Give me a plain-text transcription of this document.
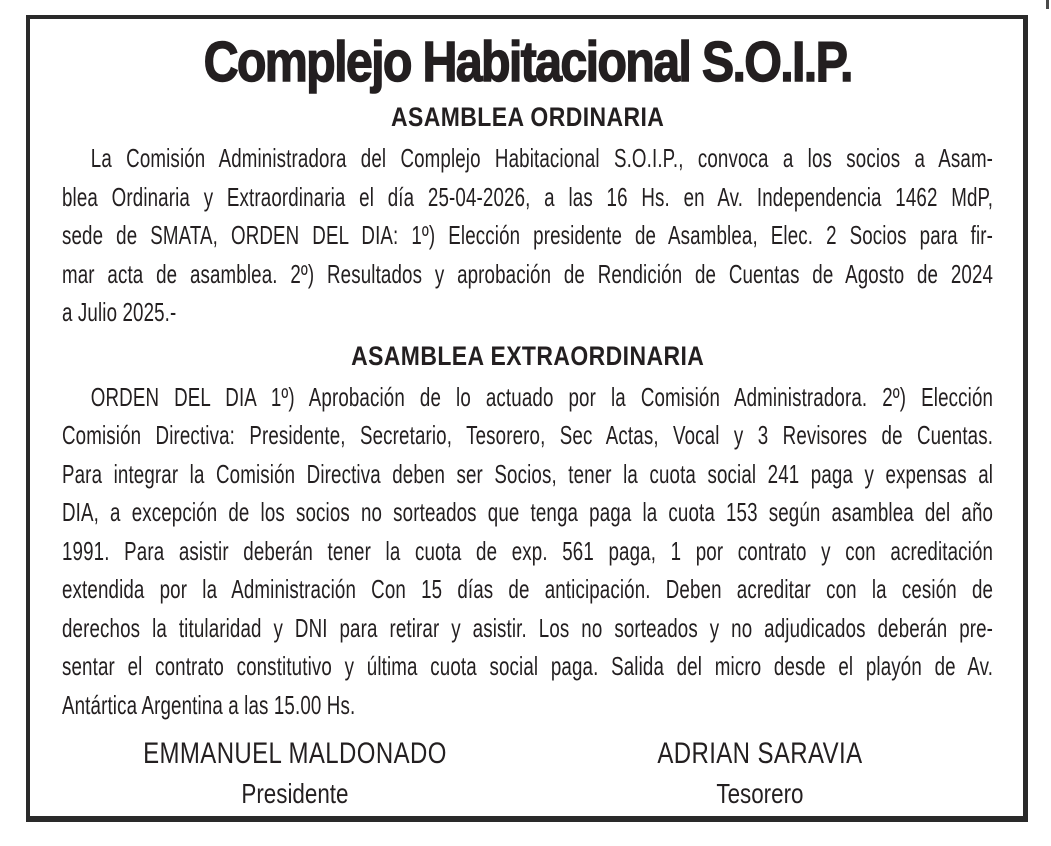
Complejo Habitacional S.O.I.P.
ASAMBLEA ORDINARIA
La Comisión Administradora del Complejo Habitacional S.O.I.P., convoca a los socios a Asam-
blea Ordinaria y Extraordinaria el día 25-04-2026, a las 16 Hs. en Av. Independencia 1462 MdP,
sede de SMATA, ORDEN DEL DIA: 1º) Elección presidente de Asamblea, Elec. 2 Socios para fir-
mar acta de asamblea. 2º) Resultados y aprobación de Rendición de Cuentas de Agosto de 2024
a Julio 2025.-
ASAMBLEA EXTRAORDINARIA
ORDEN DEL DIA 1º) Aprobación de lo actuado por la Comisión Administradora. 2º) Elección
Comisión Directiva: Presidente, Secretario, Tesorero, Sec Actas, Vocal y 3 Revisores de Cuentas.
Para integrar la Comisión Directiva deben ser Socios, tener la cuota social 241 paga y expensas al
DIA, a excepción de los socios no sorteados que tenga paga la cuota 153 según asamblea del año
1991. Para asistir deberán tener la cuota de exp. 561 paga, 1 por contrato y con acreditación
extendida por la Administración Con 15 días de anticipación. Deben acreditar con la cesión de
derechos la titularidad y DNI para retirar y asistir. Los no sorteados y no adjudicados deberán pre-
sentar el contrato constitutivo y última cuota social paga. Salida del micro desde el playón de Av.
Antártica Argentina a las 15.00 Hs.
EMMANUEL MALDONADO
Presidente
ADRIAN SARAVIA
Tesorero
